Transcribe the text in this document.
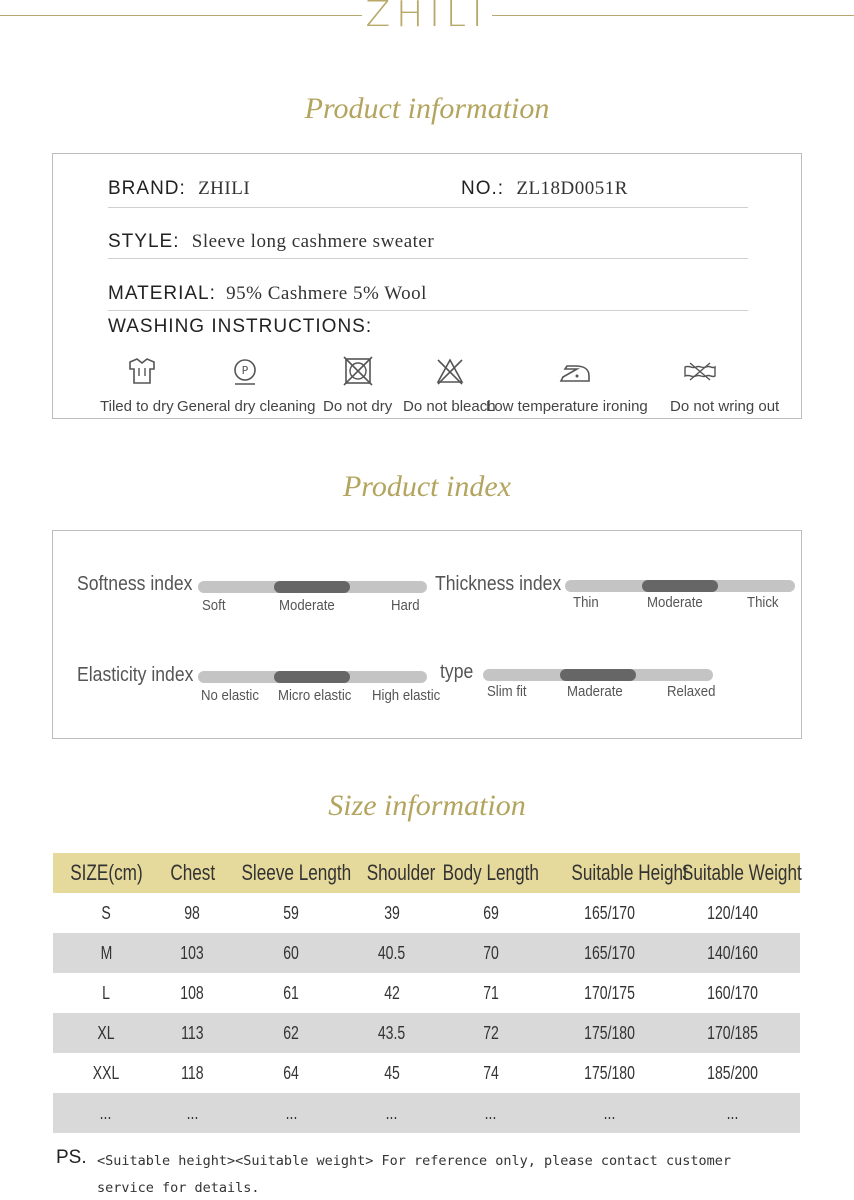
ZHILI
Product information
BRAND: ZHILI	NO.: ZL18D0051R
STYLE: Sleeve long cashmere sweater
MATERIAL: 95% Cashmere 5% Wool
WASHING INSTRUCTIONS:
P
Tiled to dry General dry cleaning Do not dry Do not bleach
Low temperature ironing Do not wring out
Product index
Softness index
Soft	Moderate	Hard
Thickness index
Thin	Moderate	Thick
Elasticity index
No elastic Micro elastic High elastic
type
Slim fit	Maderate	Relaxed
Size information
SIZE(cm)	Chest	Sleeve Length	Shoulder	Body Length	Suitable Height	Suitable Weight
S	98	59	39	69	165/170	120/140
M	103	60	40.5	70	165/170	140/160
L	108	61	42	71	170/175	160/170
XL	113	62	43.5	72	175/180	170/185
XXL	118	64	45	74	175/180	185/200
...	...	...	...	...	...	...
PS. <Suitable height><Suitable weight> For reference only, please contact customer
service for details.
